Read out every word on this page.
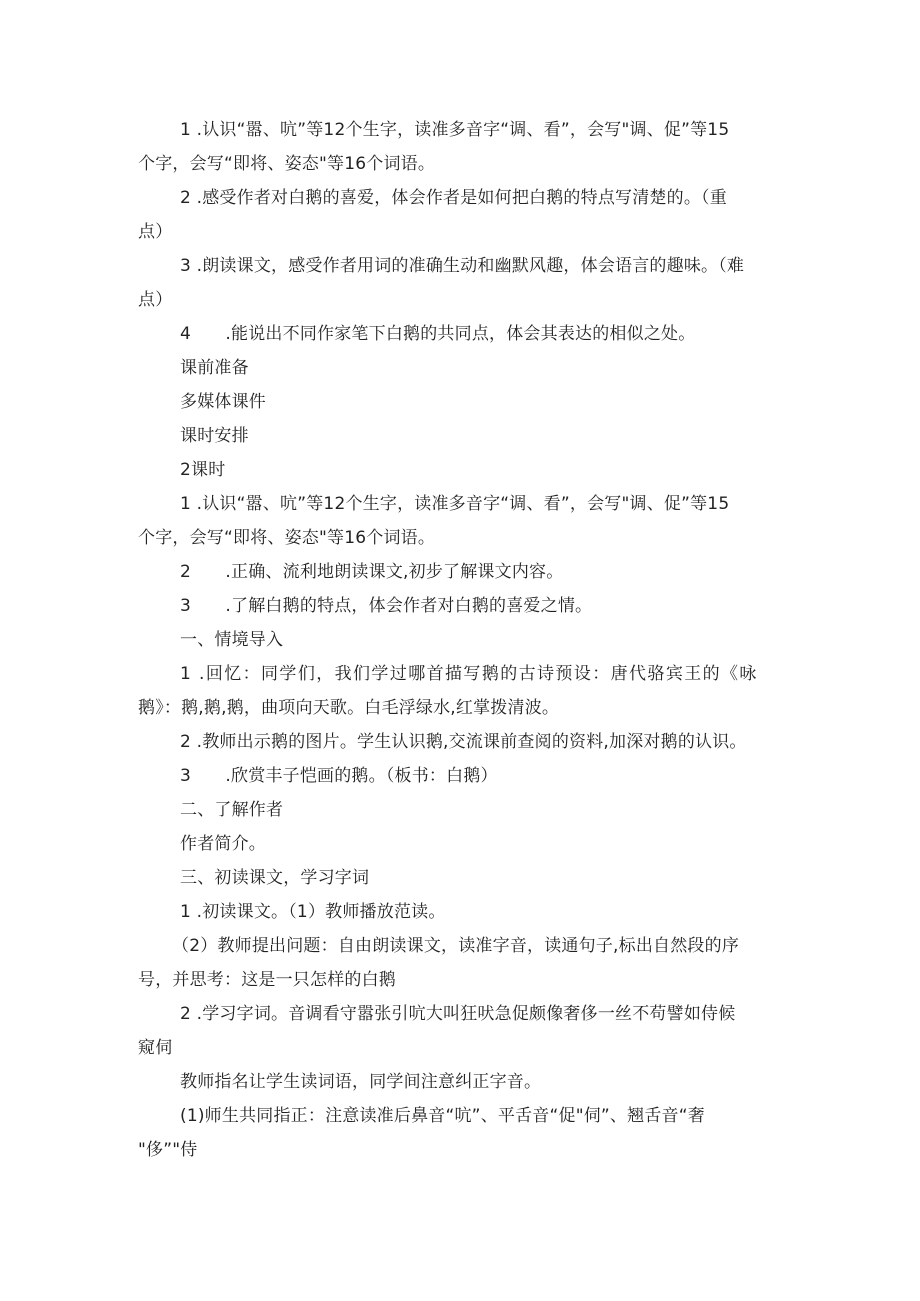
1 .认识“嚣、吭”等12个生字，读准多音字“调、看”，会写"调、促”等15
个字，会写“即将、姿态"等16个词语。
2 .感受作者对白鹅的喜爱，体会作者是如何把白鹅的特点写清楚的。（重
点）
3 .朗读课文，感受作者用词的准确生动和幽默风趣，体会语言的趣味。（难
点）
4  .能说出不同作家笔下白鹅的共同点，体会其表达的相似之处。
课前准备
多媒体课件
课时安排
2课时
1 .认识“嚣、吭”等12个生字，读准多音字“调、看”，会写"调、促”等15
个字，会写“即将、姿态"等16个词语。
2  .正确、流利地朗读课文,初步了解课文内容。
3  .了解白鹅的特点，体会作者对白鹅的喜爱之情。
一、情境导入
1 .回忆：同学们，我们学过哪首描写鹅的古诗预设：唐代骆宾王的《咏
鹅》：鹅,鹅,鹅，曲项向天歌。白毛浮绿水,红掌拨清波。
2 .教师出示鹅的图片。学生认识鹅,交流课前查阅的资料,加深对鹅的认识。
3  .欣赏丰子恺画的鹅。（板书：白鹅）
二、了解作者
作者简介。
三、初读课文，学习字词
1 .初读课文。（1）教师播放范读。
（2）教师提出问题：自由朗读课文，读准字音，读通句子,标出自然段的序
号，并思考：这是一只怎样的白鹅
2 .学习字词。音调看守嚣张引吭大叫狂吠急促颇像奢侈一丝不苟譬如侍候
窥伺
教师指名让学生读词语，同学间注意纠正字音。
(1)师生共同指正：注意读准后鼻音“吭”、平舌音“促"伺”、翘舌音“奢
"侈”"侍
